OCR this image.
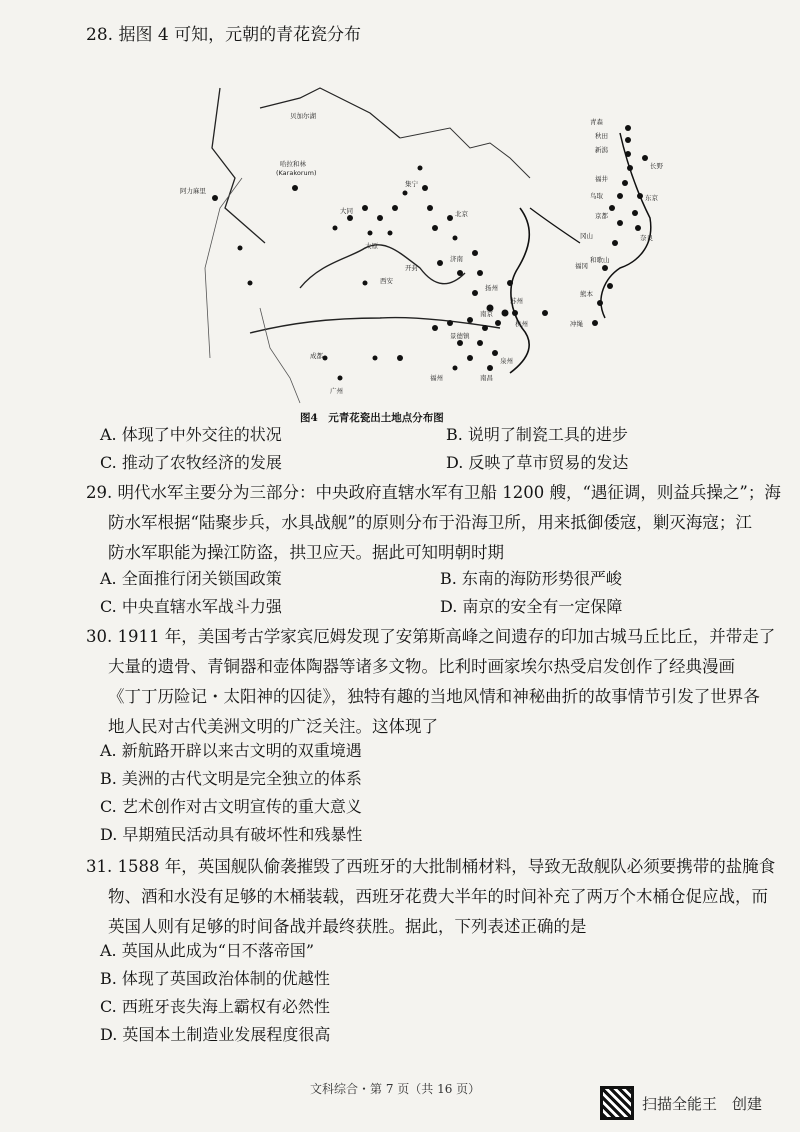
28. 据图 4 可知，元朝的青花瓷分布
贝加尔湖
哈拉和林
(Karakorum)
阿力麻里
青森
秋田
新潟
长野
福井
东京
京都
鸟取
冈山	奈良
和歌山
福冈
熊本
冲绳
集宁
北京
大同
太原
西安
成都
开封
济南
扬州
南京
苏州
杭州
景德镇
南昌
福州
泉州
广州
图4　元青花瓷出土地点分布图
A. 体现了中外交往的状况	B. 说明了制瓷工具的进步
C. 推动了农牧经济的发展	D. 反映了草市贸易的发达
29. 明代水军主要分为三部分：中央政府直辖水军有卫船 1200 艘，“遇征调，则益兵操之”；海
防水军根据“陆聚步兵，水具战舰”的原则分布于沿海卫所，用来抵御倭寇，剿灭海寇；江
防水军职能为操江防盗，拱卫应天。据此可知明朝时期
A. 全面推行闭关锁国政策	B. 东南的海防形势很严峻
C. 中央直辖水军战斗力强	D. 南京的安全有一定保障
30. 1911 年，美国考古学家宾厄姆发现了安第斯高峰之间遗存的印加古城马丘比丘，并带走了
大量的遗骨、青铜器和壶体陶器等诸多文物。比利时画家埃尔热受启发创作了经典漫画
《丁丁历险记・太阳神的囚徒》，独特有趣的当地风情和神秘曲折的故事情节引发了世界各
地人民对古代美洲文明的广泛关注。这体现了
A. 新航路开辟以来古文明的双重境遇
B. 美洲的古代文明是完全独立的体系
C. 艺术创作对古文明宣传的重大意义
D. 早期殖民活动具有破坏性和残暴性
31. 1588 年，英国舰队偷袭摧毁了西班牙的大批制桶材料，导致无敌舰队必须要携带的盐腌食
物、酒和水没有足够的木桶装载，西班牙花费大半年的时间补充了两万个木桶仓促应战，而
英国人则有足够的时间备战并最终获胜。据此，下列表述正确的是
A. 英国从此成为“日不落帝国”
B. 体现了英国政治体制的优越性
C. 西班牙丧失海上霸权有必然性
D. 英国本土制造业发展程度很高
文科综合・第 7 页（共 16 页）
扫描全能王　创建
